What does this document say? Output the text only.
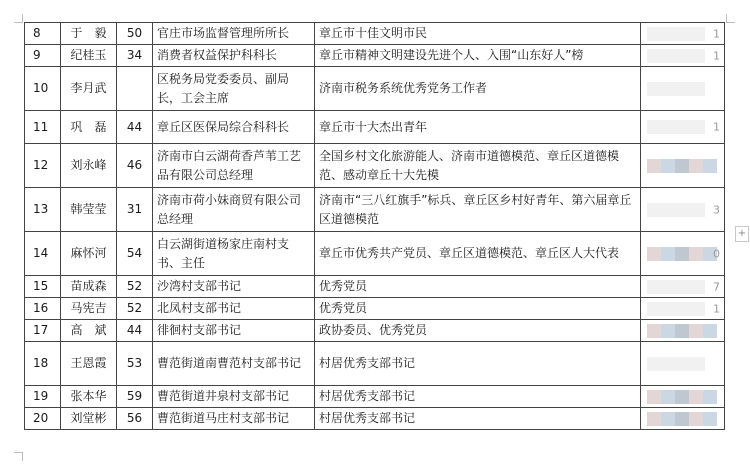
+
8	于　毅	50	官庄市场监督管理所所长	章丘市十佳文明市民	1

9	纪桂玉	34	消费者权益保护科科长	章丘市精神文明建设先进个人、入围“山东好人”榜	1

10	李月武		区税务局党委委员、副局长，工会主席	济南市税务系统优秀党务工作者	

11	巩　磊	44	章丘区医保局综合科科长	章丘市十大杰出青年	1

12	刘永峰	46	济南市白云湖荷香芦苇工艺品有限公司总经理	全国乡村文化旅游能人、济南市道德模范、章丘区道德模范、感动章丘十大先模	

13	韩莹莹	31	济南市荷小妹商贸有限公司总经理	济南市“三八红旗手”标兵、章丘区乡村好青年、第六届章丘区道德模范	3

14	麻怀河	54	白云湖街道杨家庄南村支书、主任	章丘市优秀共产党员、章丘区道德模范、章丘区人大代表	0

15	苗成森	52	沙湾村支部书记	优秀党员	7

16	马宪吉	52	北凤村支部书记	优秀党员	1

17	高　斌	44	徘徊村支部书记	政协委员、优秀党员	

18	王恩霞	53	曹范街道南曹范村支部书记	村居优秀支部书记	

19	张本华	59	曹范街道井泉村支部书记	村居优秀支部书记	

20	刘堂彬	56	曹范街道马庄村支部书记	村居优秀支部书记	
